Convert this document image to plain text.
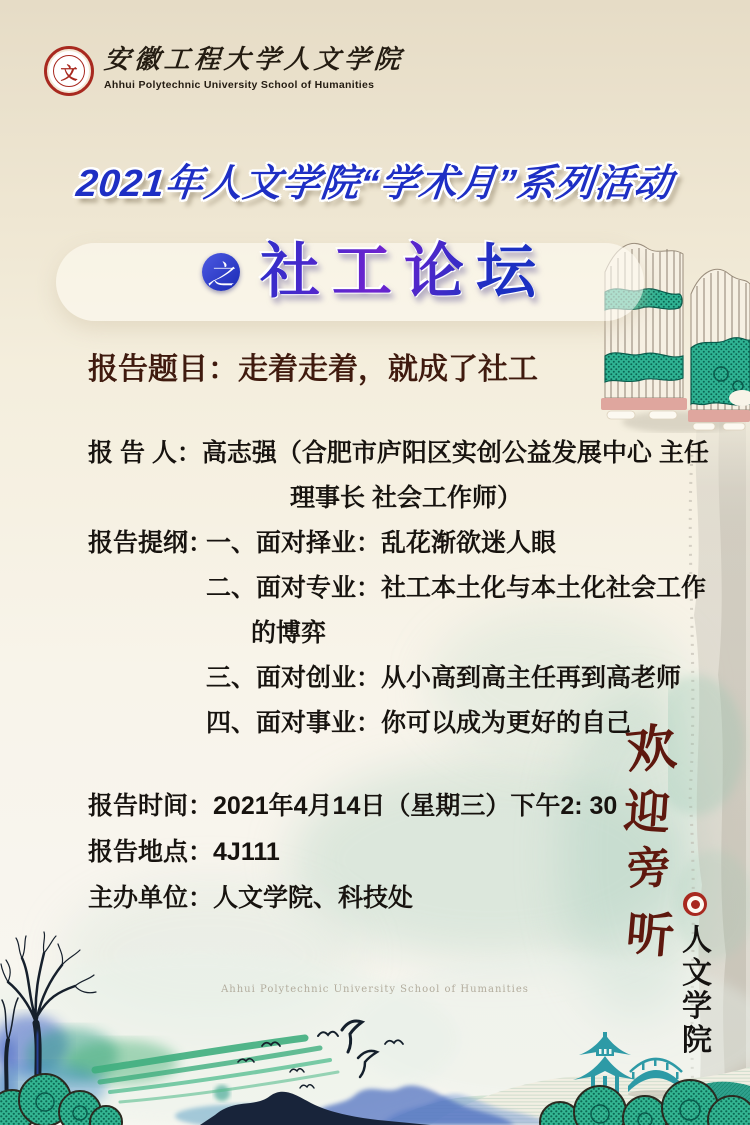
文 安徽工程大学人文学院
Ahhui Polytechnic University School of Humanities
2021年人文学院“学术月”系列活动
之 社工论坛
报告题目：走着走着，就成了社工
报 告 人：高志强（合肥市庐阳区实创公益发展中心 主任
理事长 社会工作师）
报告提纲：
一、面对择业：乱花渐欲迷人眼
二、面对专业：社工本土化与本土化社会工作
的博弈
三、面对创业：从小高到高主任再到高老师
四、面对事业：你可以成为更好的自己
报告时间：2021年4月14日（星期三）下午2: 30
报告地点：4J111
主办单位：人文学院、科技处
欢
迎
旁
听 人
文
学
院
Ahhui Polytechnic University School of Humanities
